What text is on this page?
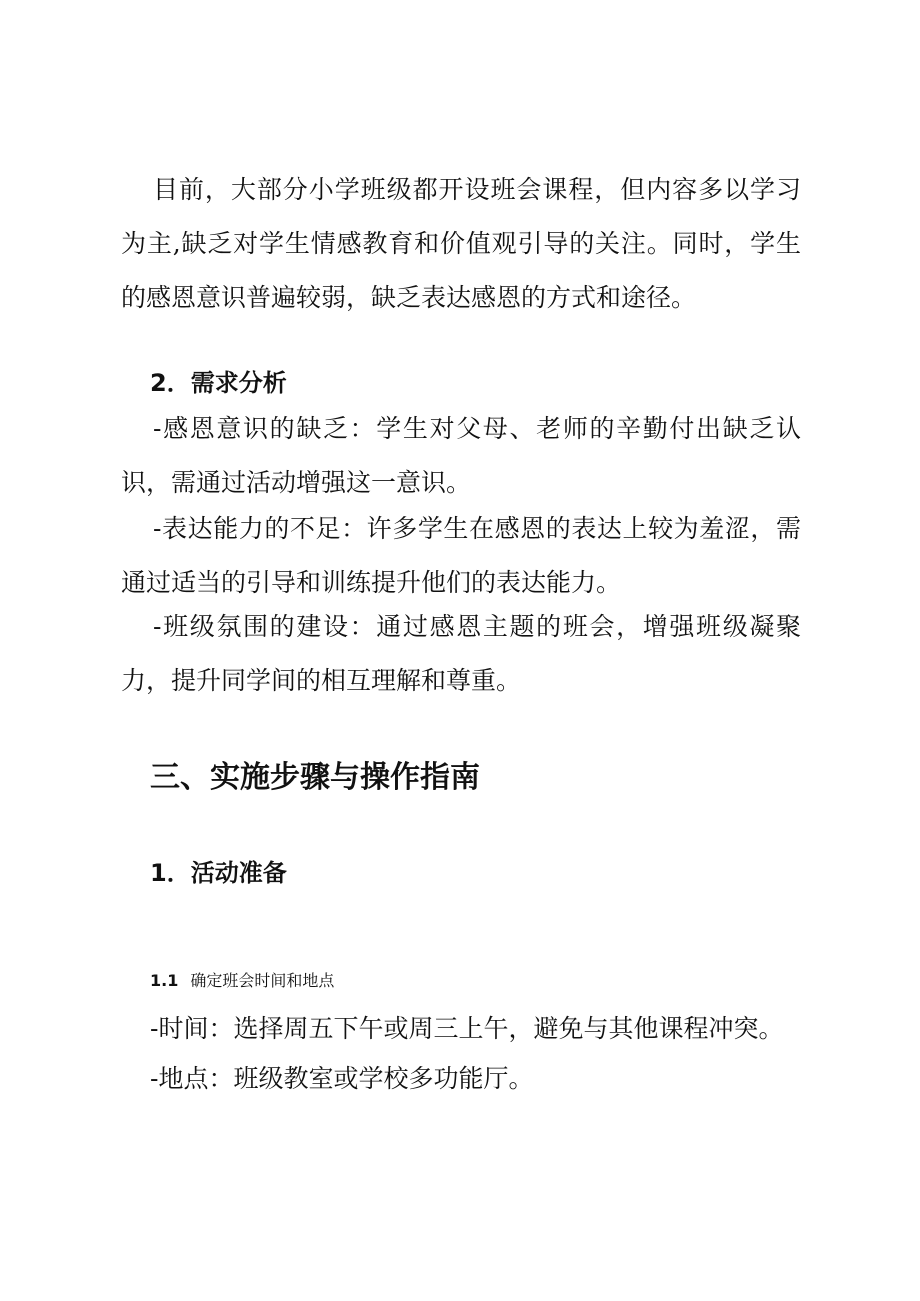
目前，大部分小学班级都开设班会课程，但内容多以学习为主,缺乏对学生情感教育和价值观引导的关注。同时，学生的感恩意识普遍较弱，缺乏表达感恩的方式和途径。

2．需求分析

-感恩意识的缺乏：学生对父母、老师的辛勤付出缺乏认识，需通过活动增强这一意识。

-表达能力的不足：许多学生在感恩的表达上较为羞涩，需通过适当的引导和训练提升他们的表达能力。

-班级氛围的建设：通过感恩主题的班会，增强班级凝聚力，提升同学间的相互理解和尊重。

三、实施步骤与操作指南

1．活动准备

1.1 确定班会时间和地点

-时间：选择周五下午或周三上午，避免与其他课程冲突。

-地点：班级教室或学校多功能厅。
